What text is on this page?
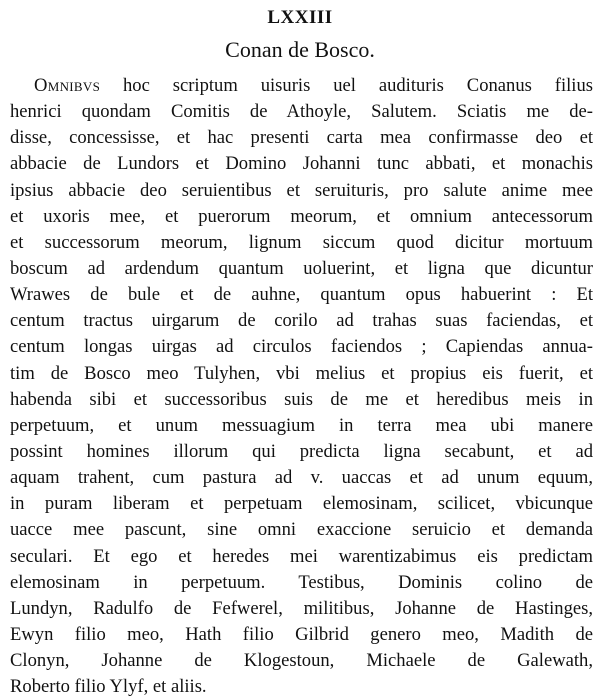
LXXIII
Conan de Bosco.
Omnibvs hoc scriptum uisuris uel audituris Conanus filius
henrici quondam Comitis de Athoyle, Salutem. Sciatis me de-
disse, concessisse, et hac presenti carta mea confirmasse deo et
abbacie de Lundors et Domino Johanni tunc abbati, et monachis
ipsius abbacie deo seruientibus et seruituris, pro salute anime mee
et uxoris mee, et puerorum meorum, et omnium antecessorum
et successorum meorum, lignum siccum quod dicitur mortuum
boscum ad ardendum quantum uoluerint, et ligna que dicuntur
Wrawes de bule et de auhne, quantum opus habuerint : Et
centum tractus uirgarum de corilo ad trahas suas faciendas, et
centum longas uirgas ad circulos faciendos ; Capiendas annua-
tim de Bosco meo Tulyhen, vbi melius et propius eis fuerit, et
habenda sibi et successoribus suis de me et heredibus meis in
perpetuum, et unum messuagium in terra mea ubi manere
possint homines illorum qui predicta ligna secabunt, et ad
aquam trahent, cum pastura ad v. uaccas et ad unum equum,
in puram liberam et perpetuam elemosinam, scilicet, vbicunque
uacce mee pascunt, sine omni exaccione seruicio et demanda
seculari. Et ego et heredes mei warentizabimus eis predictam
elemosinam in perpetuum. Testibus, Dominis colino de
Lundyn, Radulfo de Fefwerel, militibus, Johanne de Hastinges,
Ewyn filio meo, Hath filio Gilbrid genero meo, Madith de
Clonyn, Johanne de Klogestoun, Michaele de Galewath,
Roberto filio Ylyf, et aliis.
